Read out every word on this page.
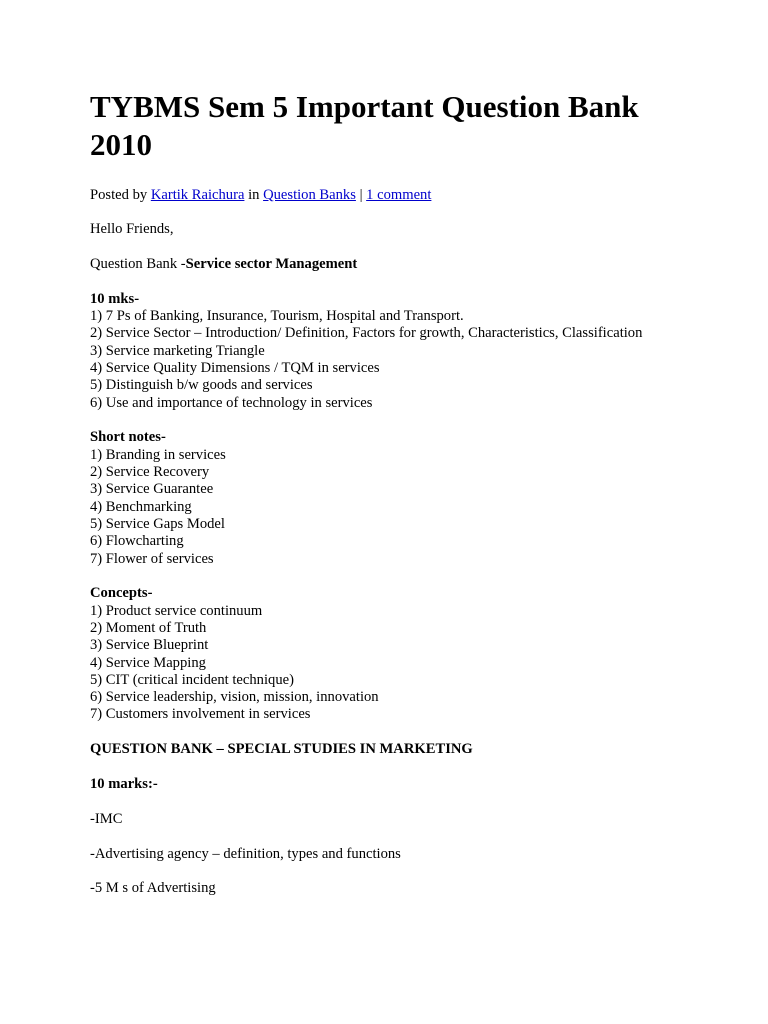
TYBMS Sem 5 Important Question Bank 2010
Posted by Kartik Raichura in Question Banks | 1 comment

Hello Friends,

Question Bank -Service sector Management

10 mks-
1) 7 Ps of Banking, Insurance, Tourism, Hospital and Transport.
2) Service Sector – Introduction/ Definition, Factors for growth, Characteristics, Classification
3) Service marketing Triangle
4) Service Quality Dimensions / TQM in services
5) Distinguish b/w goods and services
6) Use and importance of technology in services
Short notes-
1) Branding in services
2) Service Recovery
3) Service Guarantee
4) Benchmarking
5) Service Gaps Model
6) Flowcharting
7) Flower of services
Concepts-
1) Product service continuum
2) Moment of Truth
3) Service Blueprint
4) Service Mapping
5) CIT (critical incident technique)
6) Service leadership, vision, mission, innovation
7) Customers involvement in services

QUESTION BANK – SPECIAL STUDIES IN MARKETING

10 marks:-

-IMC

-Advertising agency – definition, types and functions

-5 M s of Advertising
